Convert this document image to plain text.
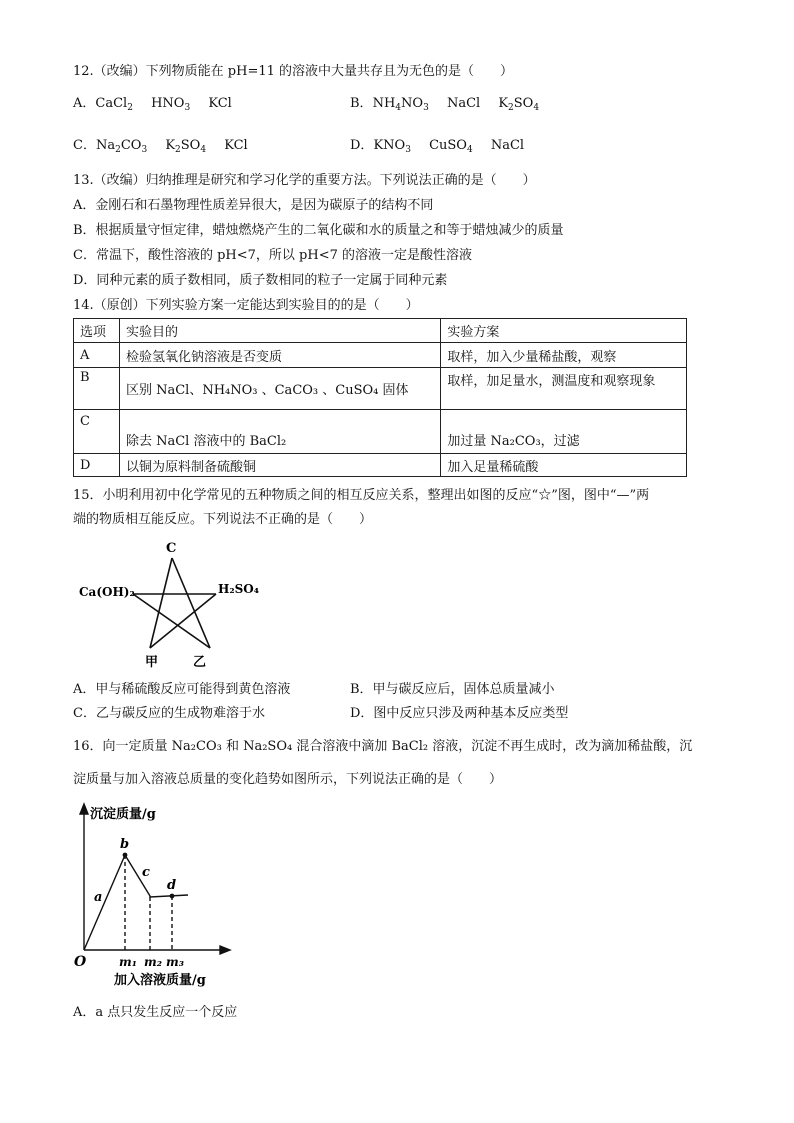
12.（改编）下列物质能在 pH=11 的溶液中大量共存且为无色的是（　　）
A．CaCl$_2$ $HNO_3$ KCl	B．$NH_4NO_3$ NaCl $K_2SO_4$
C．$Na_2CO_3$ $K_2SO_4$ KCl	D．$KNO_3$ CuSO$_4$ NaCl
13.（改编）归纳推理是研究和学习化学的重要方法。下列说法正确的是（　　）
A．金刚石和石墨物理性质差异很大，是因为碳原子的结构不同
B．根据质量守恒定律，蜡烛燃烧产生的二氧化碳和水的质量之和等于蜡烛减少的质量
C．常温下，酸性溶液的 pH<7，所以 pH<7 的溶液一定是酸性溶液
D．同种元素的质子数相同，质子数相同的粒子一定属于同种元素
14.（原创）下列实验方案一定能达到实验目的的是（　　）
选项	实验目的	实验方案
A	检验氢氧化钠溶液是否变质	取样，加入少量稀盐酸，观察
B	区别 NaCl、NH₄NO₃ 、CaCO₃ 、CuSO₄ 固体	取样，加足量水，测温度和观察现象
C	除去 NaCl 溶液中的 BaCl₂	加过量 Na₂CO₃，过滤
D	以铜为原料制备硫酸铜	加入足量稀硫酸
15．小明利用初中化学常见的五种物质之间的相互反应关系，整理出如图的反应“☆”图，图中“—”两
端的物质相互能反应。下列说法不正确的是（　　）
C
Ca(OH)₂	H₂SO₄
甲	乙
A．甲与稀硫酸反应可能得到黄色溶液	B．甲与碳反应后，固体总质量减小
C．乙与碳反应的生成物难溶于水	D．图中反应只涉及两种基本反应类型
16．向一定质量 Na₂CO₃ 和 Na₂SO₄ 混合溶液中滴加 BaCl₂ 溶液，沉淀不再生成时，改为滴加稀盐酸，沉
淀质量与加入溶液总质量的变化趋势如图所示，下列说法正确的是（　　）
沉淀质量/g
O
a
b
c
d
m₁ m₂ m₃
加入溶液质量/g
A．a 点只发生反应一个反应
